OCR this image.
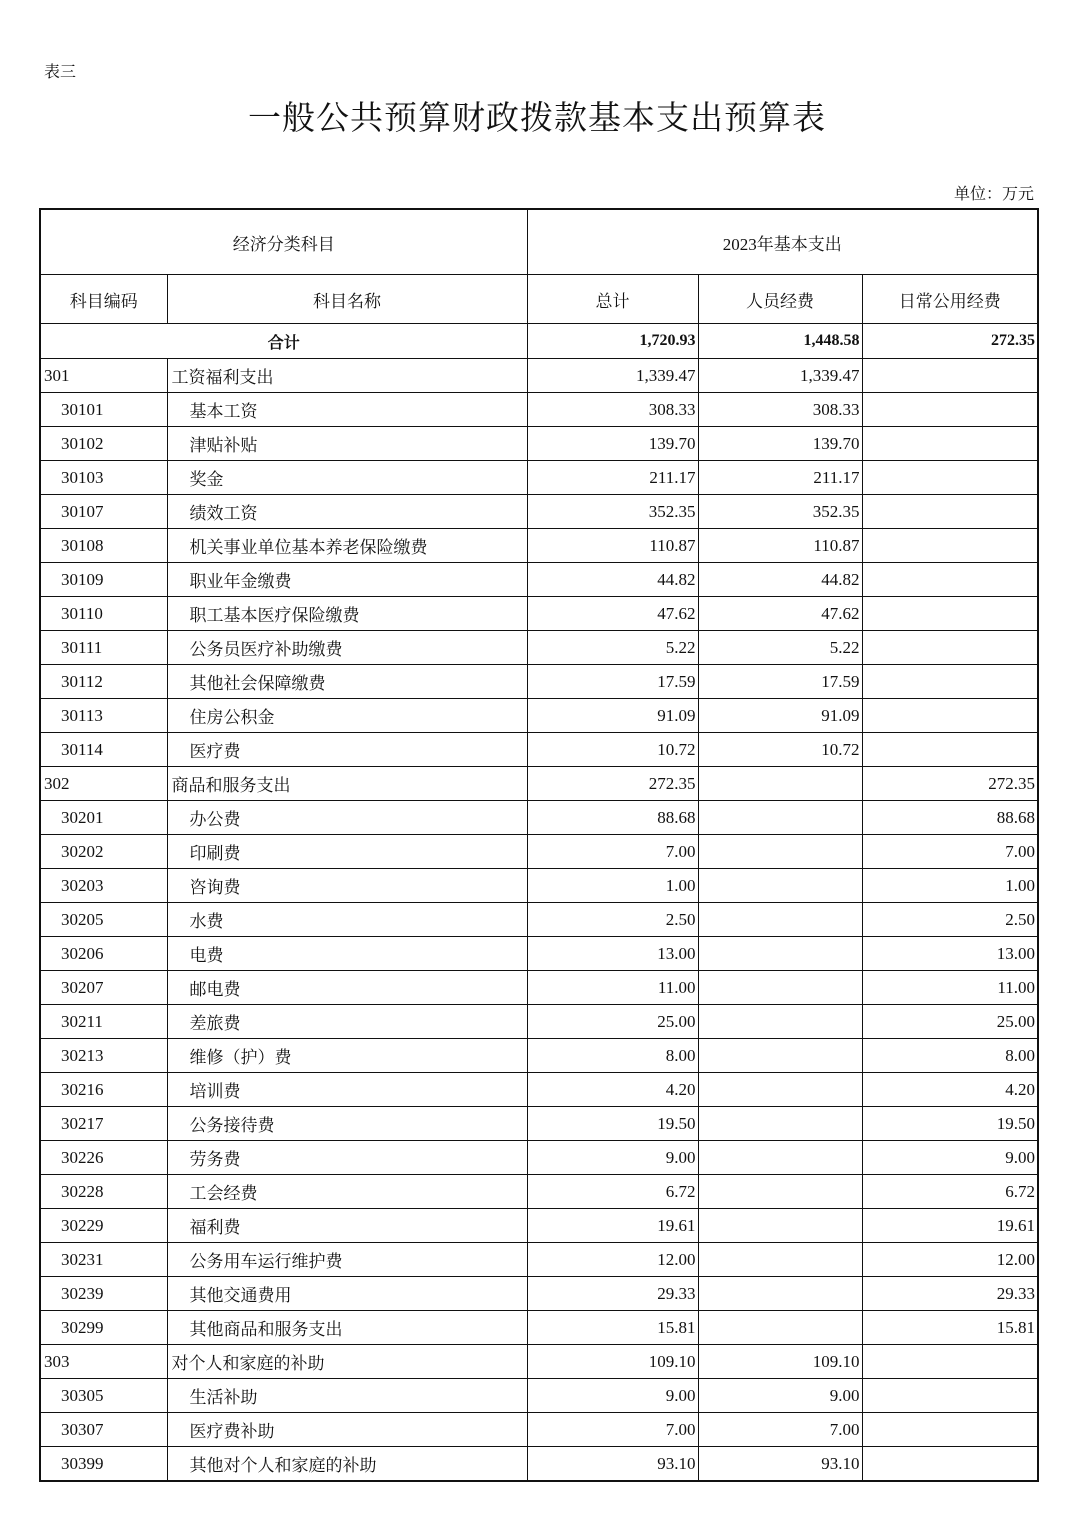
表三
一般公共预算财政拨款基本支出预算表
单位：万元
经济分类科目		2023年基本支出		
科目编码	科目名称	总计	人员经费	日常公用经费
合计		1,720.93	1,448.58	272.35
301	工资福利支出	1,339.47	1,339.47	
30101	基本工资	308.33	308.33	
30102	津贴补贴	139.70	139.70	
30103	奖金	211.17	211.17	
30107	绩效工资	352.35	352.35	
30108	机关事业单位基本养老保险缴费	110.87	110.87	
30109	职业年金缴费	44.82	44.82	
30110	职工基本医疗保险缴费	47.62	47.62	
30111	公务员医疗补助缴费	5.22	5.22	
30112	其他社会保障缴费	17.59	17.59	
30113	住房公积金	91.09	91.09	
30114	医疗费	10.72	10.72	
302	商品和服务支出	272.35		272.35
30201	办公费	88.68		88.68
30202	印刷费	7.00		7.00
30203	咨询费	1.00		1.00
30205	水费	2.50		2.50
30206	电费	13.00		13.00
30207	邮电费	11.00		11.00
30211	差旅费	25.00		25.00
30213	维修（护）费	8.00		8.00
30216	培训费	4.20		4.20
30217	公务接待费	19.50		19.50
30226	劳务费	9.00		9.00
30228	工会经费	6.72		6.72
30229	福利费	19.61		19.61
30231	公务用车运行维护费	12.00		12.00
30239	其他交通费用	29.33		29.33
30299	其他商品和服务支出	15.81		15.81
303	对个人和家庭的补助	109.10	109.10	
30305	生活补助	9.00	9.00	
30307	医疗费补助	7.00	7.00	
30399	其他对个人和家庭的补助	93.10	93.10	
